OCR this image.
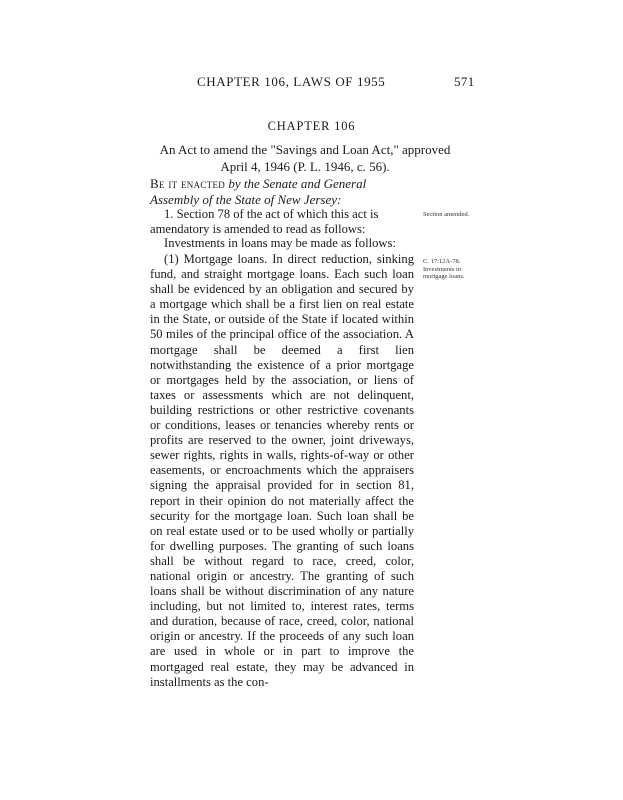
CHAPTER 106, LAWS OF 1955	571
CHAPTER 106
An Act to amend the "Savings and Loan Act," approved April 4, 1946 (P. L. 1946, c. 56).
Be it enacted by the Senate and General Assembly of the State of New Jersey:
1. Section 78 of the act of which this act is amendatory is amended to read as follows:
Investments in loans may be made as follows:
(1) Mortgage loans. In direct reduction, sinking fund, and straight mortgage loans. Each such loan shall be evidenced by an obligation and secured by a mortgage which shall be a first lien on real estate in the State, or outside of the State if located within 50 miles of the principal office of the association. A mortgage shall be deemed a first lien notwithstanding the existence of a prior mortgage or mortgages held by the association, or liens of taxes or assessments which are not delinquent, building restrictions or other restrictive covenants or conditions, leases or tenancies whereby rents or profits are reserved to the owner, joint driveways, sewer rights, rights in walls, rights-of-way or other easements, or encroachments which the appraisers signing the appraisal provided for in section 81, report in their opinion do not materially affect the security for the mortgage loan. Such loan shall be on real estate used or to be used wholly or partially for dwelling purposes. The granting of such loans shall be without regard to race, creed, color, national origin or ancestry. The granting of such loans shall be without discrimination of any nature including, but not limited to, interest rates, terms and duration, because of race, creed, color, national origin or ancestry. If the proceeds of any such loan are used in whole or in part to improve the mortgaged real estate, they may be advanced in installments as the con-
Section amended.
C. 17:12A-78. Investments in mortgage loans.
